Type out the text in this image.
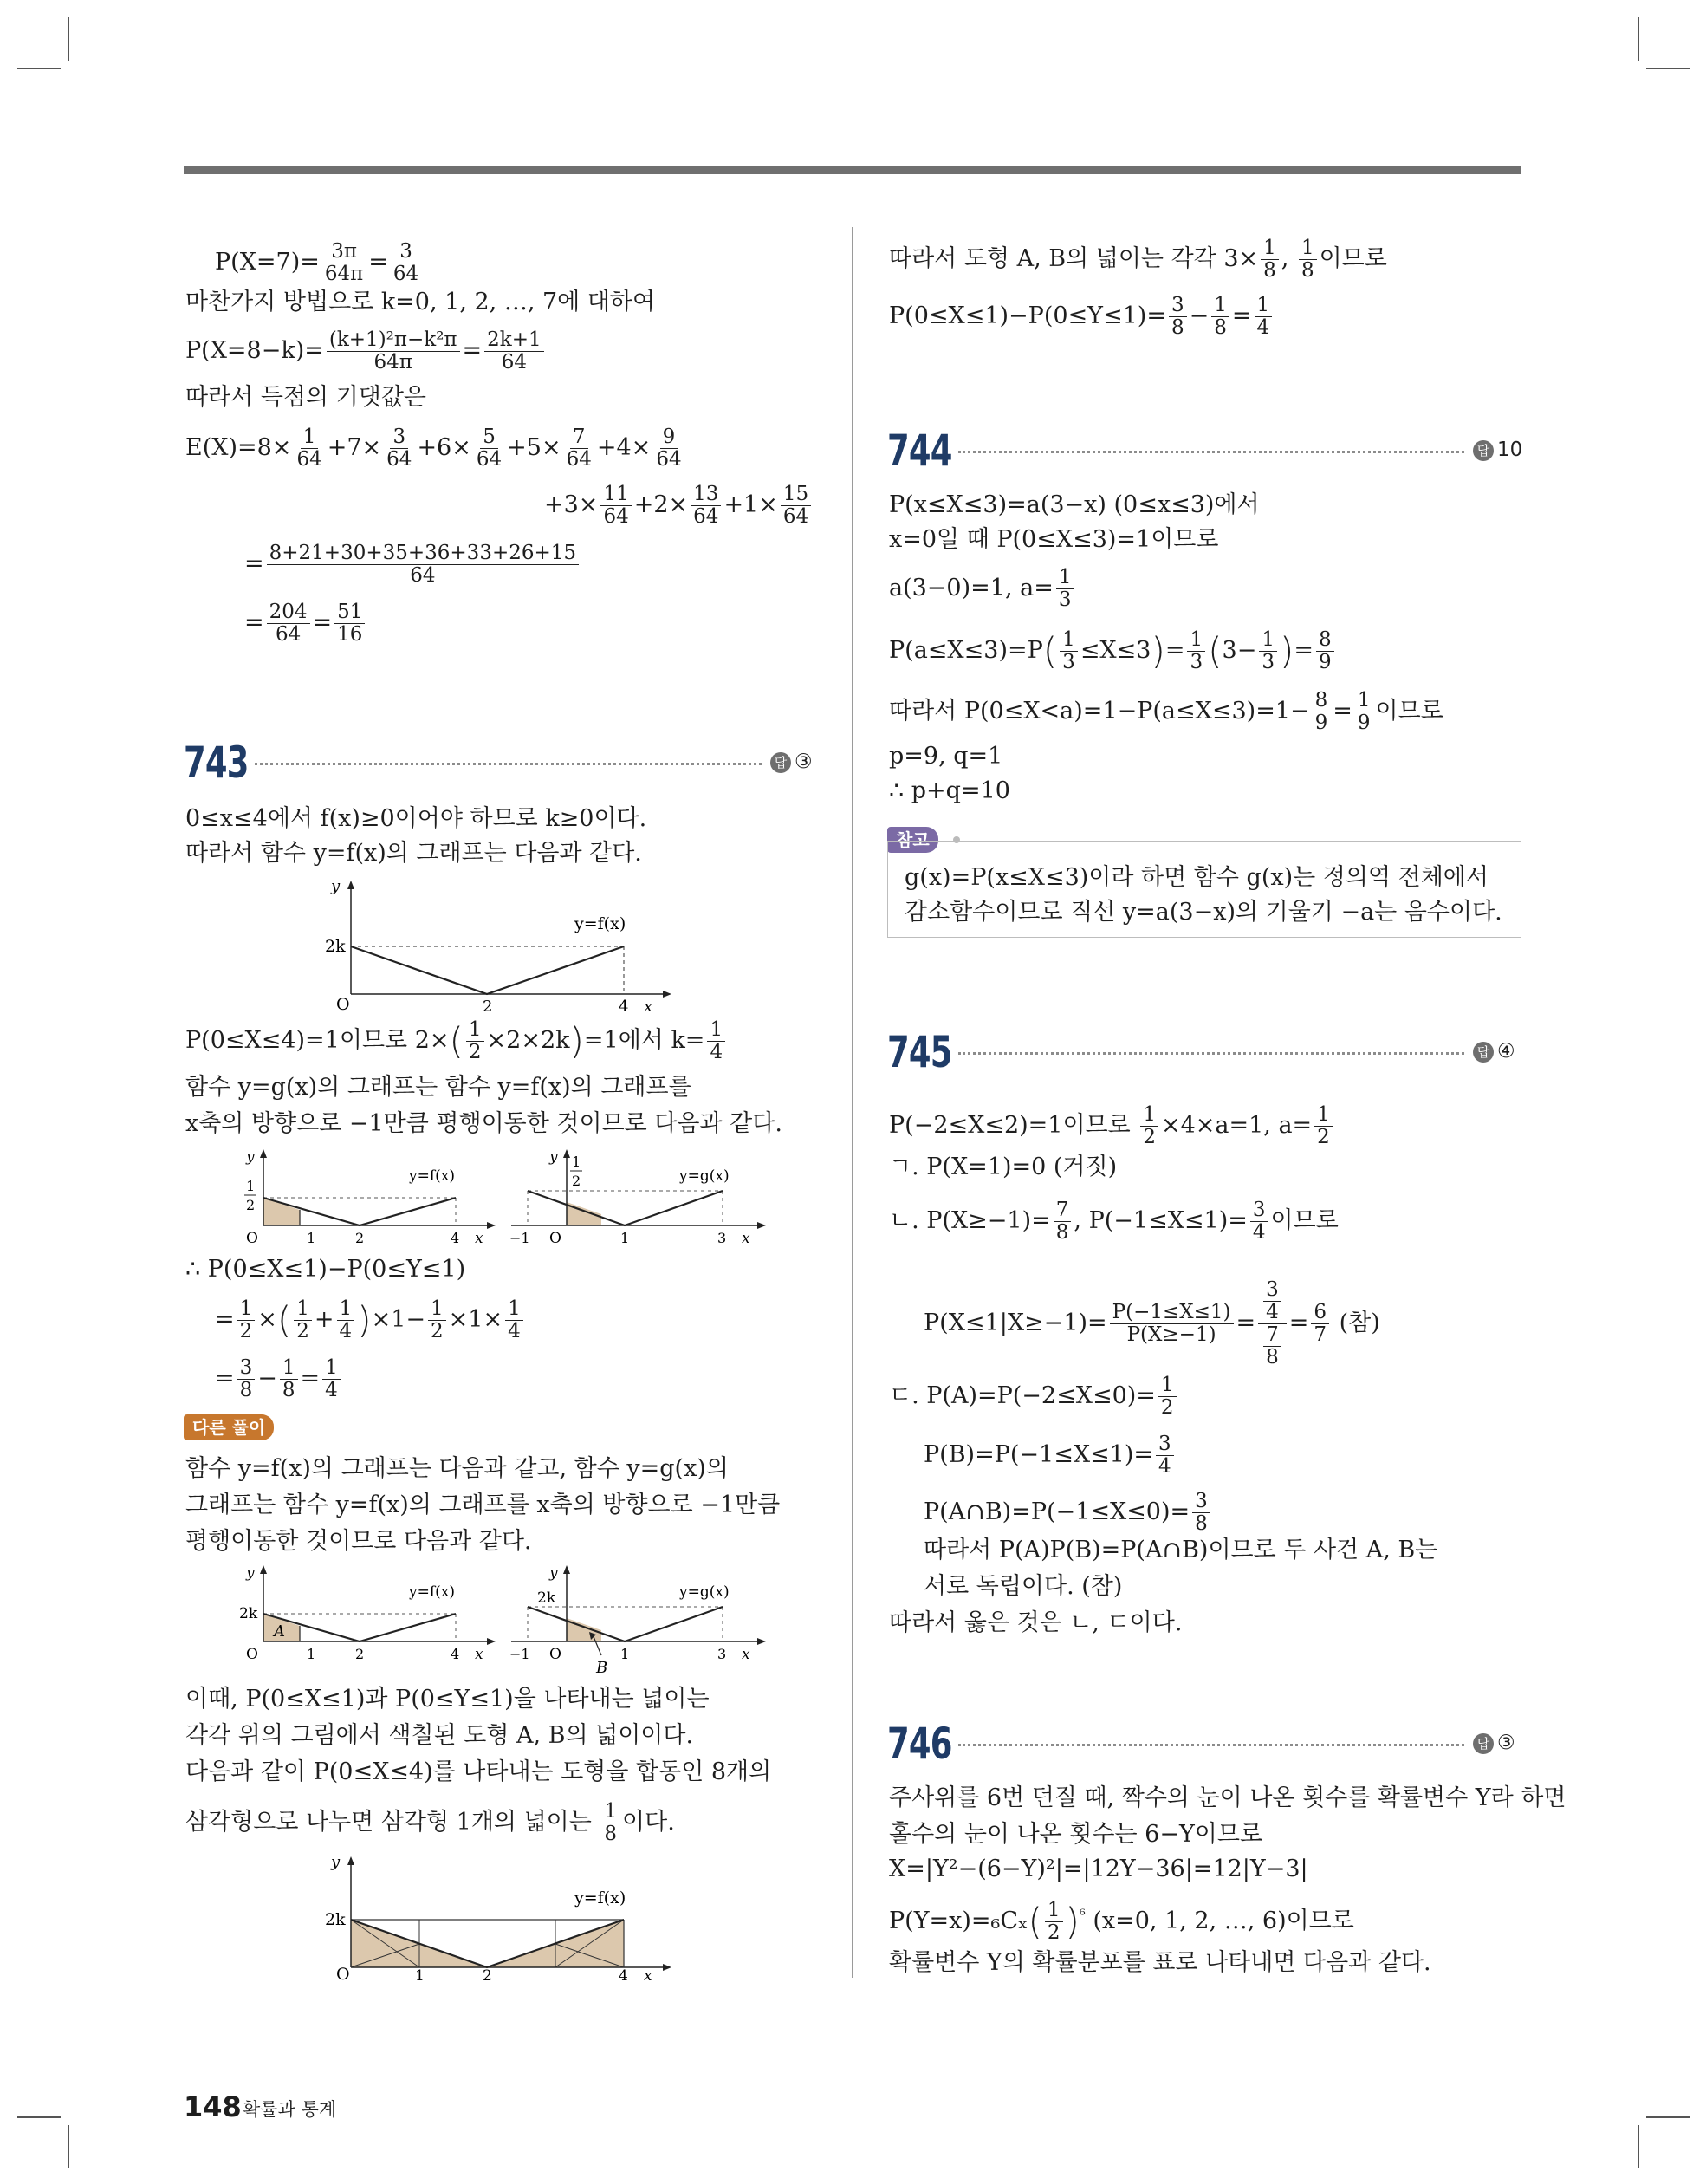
$P(X=7)= \frac{3\pi}{64\pi} = \frac{3}{64}$
마찬가지 방법으로 k=0, 1, 2, …, 7에 대하여
$P(X=8-k)= \frac{\text{(k+1)²π−k²π}}{64\pi} = \frac{2k+1}{64}$
따라서 득점의 기댓값은
$E(X)=8\times \frac{1}{64} +7\times \frac{3}{64} +6\times \frac{5}{64} +5\times \frac{7}{64} +4\times \frac{9}{64}$
$+3\times \frac{11}{64} +2\times \frac{13}{64} +1\times \frac{15}{64}$
= $\frac{8+21+30+35+36+33+26+15}{64}$
= $\frac{204}{64} = \frac{51}{16}$
743	답 ③
0≤x≤4에서 f(x)≥0이어야 하므로 k≥0이다.
따라서 함수 y=f(x)의 그래프는 다음과 같다.
y
2k
O	2	4 x
y=f(x)
P(0≤X≤4)=1이므로 $2\times( \frac{1}{2} \times 2\times 2k)=1$에서 $k= \frac{1}{4}$
함수 y=g(x)의 그래프는 함수 y=f(x)의 그래프를
x축의 방향으로 −1만큼 평행이동한 것이므로 다음과 같다.
y
1
2
O	1	2	4 x
y=f(x)
y 1
2
−1 O	1	3 x
y=g(x)
∴ P(0≤X≤1)−P(0≤Y≤1)
= $\frac{1}{2}$ ×( $\frac{1}{2} + \frac{1}{4} )\times 1- \frac{1}{2} \times 1\times \frac{1}{4}$
= $\frac{3}{8} - \frac{1}{8} = \frac{1}{4}$
다른 풀이
함수 y=f(x)의 그래프는 다음과 같고, 함수 y=g(x)의
그래프는 함수 y=f(x)의 그래프를 x축의 방향으로 −1만큼
평행이동한 것이므로 다음과 같다.
y
2k
A
O	1	2	4 x
y=f(x)
y
2k
B
−1 O	1	3 x
y=g(x)
이때, P(0≤X≤1)과 P(0≤Y≤1)을 나타내는 넓이는
각각 위의 그림에서 색칠된 도형 A, B의 넓이이다.
다음과 같이 P(0≤X≤4)를 나타내는 도형을 합동인 8개의
삼각형으로 나누면 삼각형 1개의 넓이는 $\frac{1}{8}$ 이다.
y
2k
O	1	2	4 x
y=f(x)
따라서 도형 A, B의 넓이는 각각 $3\times \frac{1}{8}$ , $\frac{1}{8}$ 이므로
$P(0\le X\le 1)-P(0\le Y\le 1)= \frac{3}{8} - \frac{1}{8} = \frac{1}{4}$
744	답 10
P(x≤X≤3)=a(3−x) (0≤x≤3)에서
x=0일 때 P(0≤X≤3)=1이므로
a(3−0)=1, $a= \frac{1}{3}$
$P(a\le X\le 3)=P( \frac{1}{3} \le X\le 3)= \frac{1}{3} (3- \frac{1}{3}$ )= $\frac{8}{9}$
따라서 $P(0\le X<a)=1-P(a\le X\le 3)=1- \frac{8}{9} = \frac{1}{9}$ 이므로
p=9, q=1
∴ p+q=10
참고
g(x)=P(x≤X≤3)이라 하면 함수 g(x)는 정의역 전체에서
감소함수이므로 직선 y=a(3−x)의 기울기 −a는 음수이다.
745	답 ④
P(−2≤X≤2)=1이므로 $\frac{1}{2} \times 4\times a=1$, $a= \frac{1}{2}$
ㄱ. P(X=1)=0 (거짓)
ㄴ. $P(X\ge-1)= \frac{7}{8}$ , $P(-1\le X\le 1)= \frac{3}{4}$ 이므로
$P(X\le 1|X\ge-1)= \frac{P(-1\le X\le 1)}{P(X\ge-1)} = \frac{\frac{3}{4}}{\frac{7}{8}} = \frac{6}{7}$ (참)
ㄷ. $P(A)=P(-2\le X\le 0)= \frac{1}{2}$
$P(B)=P(-1\le X\le 1)= \frac{3}{4}$
P(A∩B)=P(−1≤X≤0)= $\frac{3}{8}$
따라서 P(A)P(B)=P(A∩B)이므로 두 사건 A, B는
서로 독립이다. (참)
따라서 옳은 것은 ㄴ, ㄷ이다.
746	답 ③
주사위를 6번 던질 때, 짝수의 눈이 나온 횟수를 확률변수 Y라 하면
홀수의 눈이 나온 횟수는 6−Y이므로
X=|Y²−(6−Y)²|=|12Y−36|=12|Y−3|
$P(Y=x)=_6C_x( \frac{1}{2} )^{^6}$ (x=0, 1, 2, …, 6)이므로
확률변수 Y의 확률분포를 표로 나타내면 다음과 같다.
148 확률과 통계
